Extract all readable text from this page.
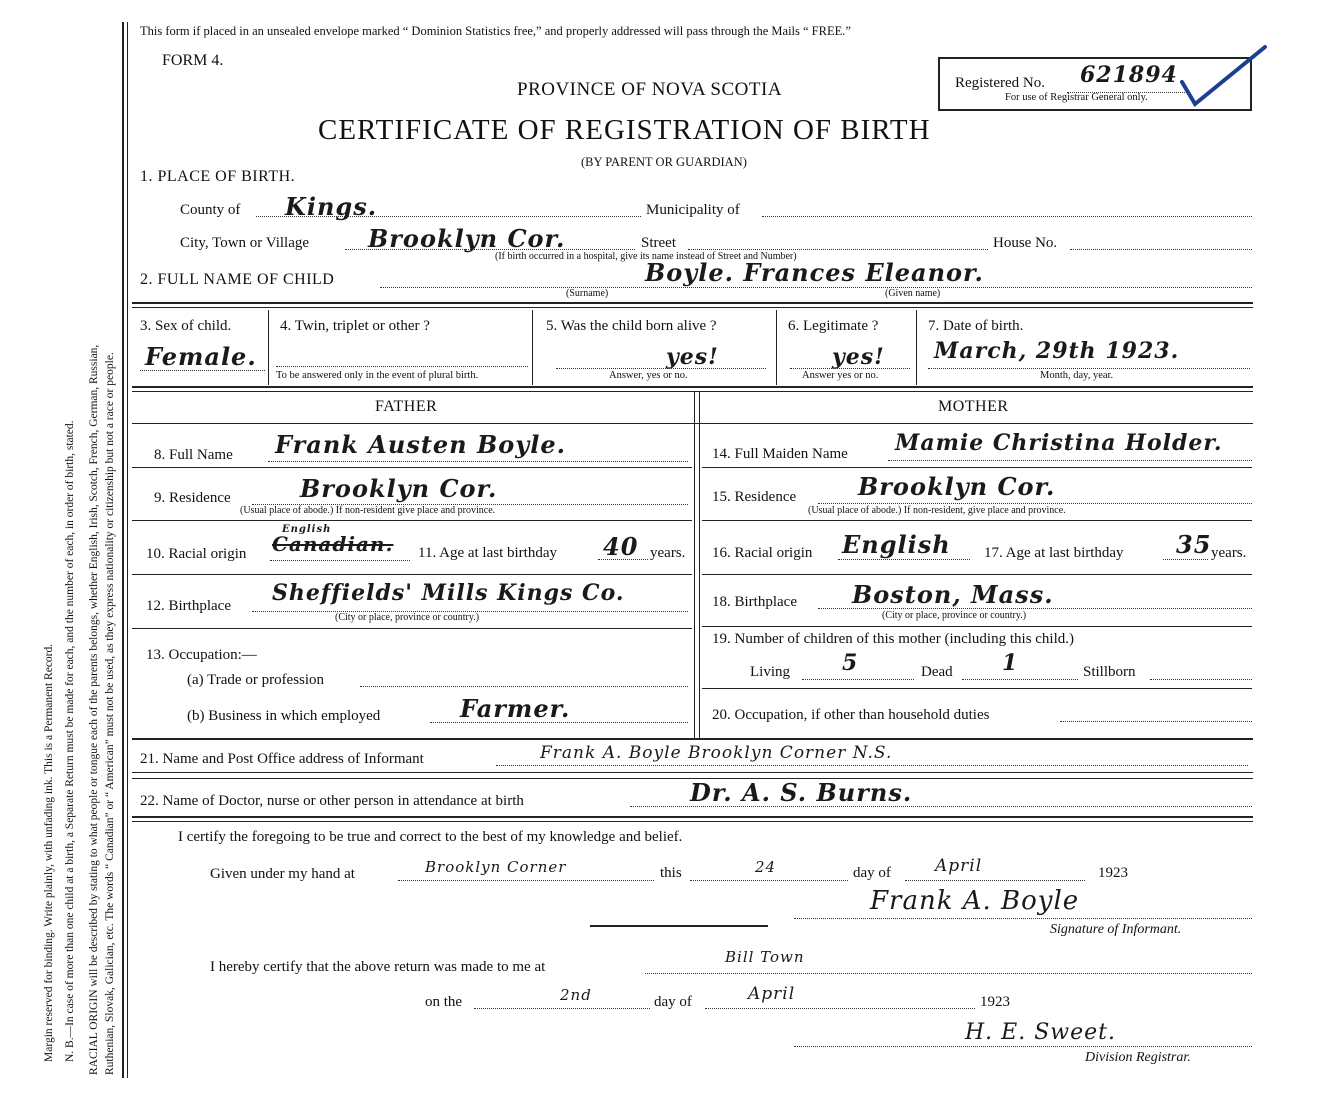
Margin reserved for binding. Write plainly, with unfading ink. This is a Permanent Record. N. B.—In case of more than one child at a birth, a Separate Return must be made for each, and the number of each, in order of birth, stated. RACIAL ORIGIN will be described by stating to what people or tongue each of the parents belongs, whether English, Irish, Scotch, French, German, Russian, Ruthenian, Slovak, Galician, etc. The words “ Canadian” or “ American” must not be used, as they express nationality or citizenship but not a race or people.
This form if placed in an unsealed envelope marked “ Dominion Statistics free,” and properly addressed will pass through the Mails “ FREE.”
FORM 4.
PROVINCE OF NOVA SCOTIA
CERTIFICATE OF REGISTRATION OF BIRTH
(BY PARENT OR GUARDIAN)
Registered No. 621894
For use of Registrar General only.
1. PLACE OF BIRTH.
County of Kings.	Municipality of
City, Town or Village Brooklyn Cor.	Street	House No.
(If birth occurred in a hospital, give its name instead of Street and Number)
2. FULL NAME OF CHILD	Boyle. Frances Eleanor.
(Surname)	(Given name)
3. Sex of child.
Female.
4. Twin, triplet or other ?
To be answered only in the event of plural birth.
5. Was the child born alive ?
yes!
Answer, yes or no.
6. Legitimate ?
yes!
Answer yes or no.
7. Date of birth.
March, 29th 1923.
Month, day, year.
FATHER	MOTHER
8. Full Name Frank Austen Boyle.
9. Residence	Brooklyn Cor.
(Usual place of abode.) If non-resident give place and province.
10. Racial origin Canadian.
English
11. Age at last birthday 40 years.
12. Birthplace Sheffields' Mills Kings Co.
(City or place, province or country.)
13. Occupation:—
(a) Trade or profession
(b) Business in which employed	Farmer.
14. Full Maiden Name Mamie Christina Holder.
15. Residence	Brooklyn Cor.
(Usual place of abode.) If non-resident, give place and province.
16. Racial origin English 17. Age at last birthday 35 years.
18. Birthplace Boston, Mass.
(City or place, province or country.)
19. Number of children of this mother (including this child.)
Living 5	Dead 1	Stillborn
20. Occupation, if other than household duties
21. Name and Post Office address of Informant	Frank A. Boyle Brooklyn Corner N.S.
22. Name of Doctor, nurse or other person in attendance at birth	Dr. A. S. Burns.
I certify the foregoing to be true and correct to the best of my knowledge and belief.
Given under my hand at	Brooklyn Corner	this	24	day of	April	1923
Frank A. Boyle
Signature of Informant.
I hereby certify that the above return was made to me at
Bill Town
on the	2nd	day of	April	1923
H. E. Sweet.
Division Registrar.
